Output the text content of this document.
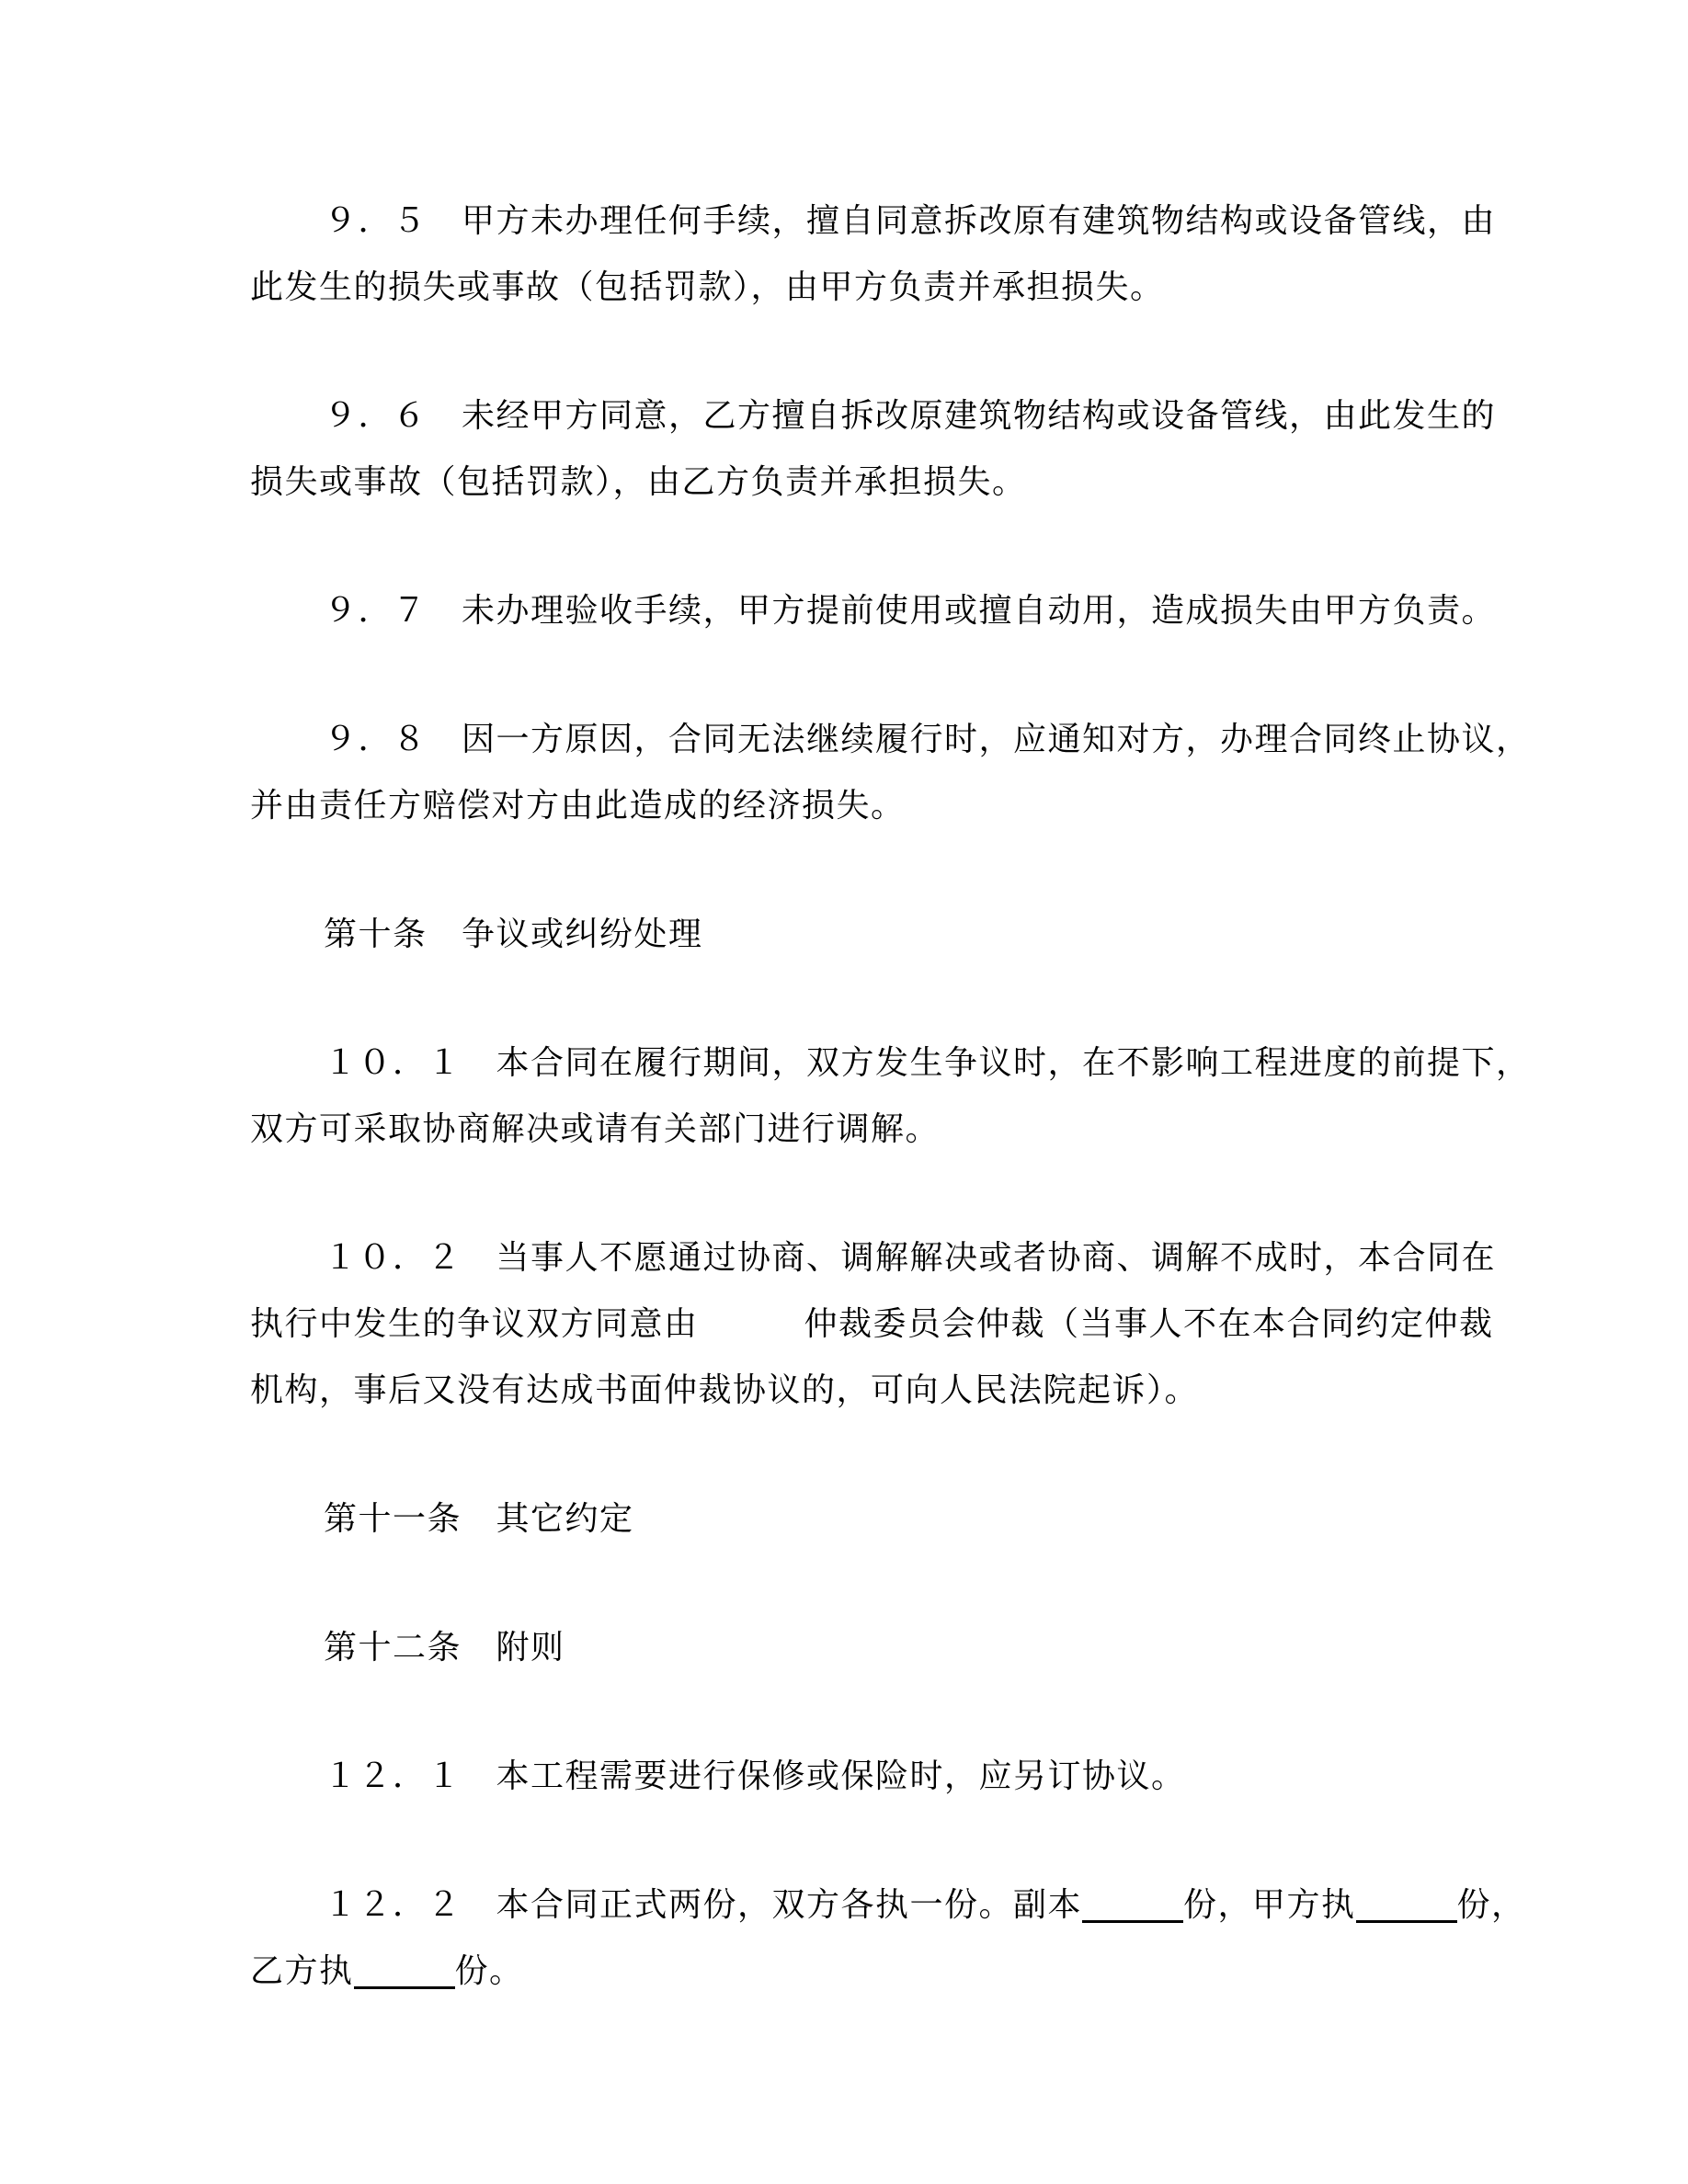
９．５　甲方未办理任何手续，擅自同意拆改原有建筑物结构或设备管线，由
此发生的损失或事故（包括罚款），由甲方负责并承担损失。
９．６　未经甲方同意，乙方擅自拆改原建筑物结构或设备管线，由此发生的
损失或事故（包括罚款），由乙方负责并承担损失。
９．７　未办理验收手续，甲方提前使用或擅自动用，造成损失由甲方负责。
９．８　因一方原因，合同无法继续履行时，应通知对方，办理合同终止协议，
并由责任方赔偿对方由此造成的经济损失。
第十条　争议或纠纷处理
１０．１　本合同在履行期间，双方发生争议时，在不影响工程进度的前提下，
双方可采取协商解决或请有关部门进行调解。
１０．２　当事人不愿通过协商、调解解决或者协商、调解不成时，本合同在
执行中发生的争议双方同意由	仲裁委员会仲裁（当事人不在本合同约定仲裁
机构，事后又没有达成书面仲裁协议的，可向人民法院起诉）。
第十一条　其它约定
第十二条　附则
１２．１　本工程需要进行保修或保险时，应另订协议。
１２．２　本合同正式两份，双方各执一份。副本	份，甲方执	份，
乙方执	份。
